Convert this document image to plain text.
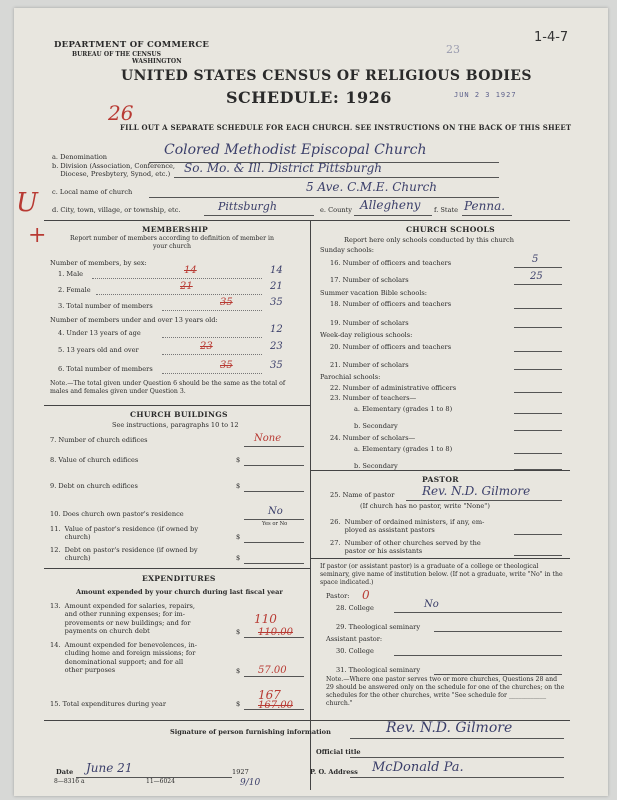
DEPARTMENT OF COMMERCE
BUREAU OF THE CENSUS
WASHINGTON
UNITED STATES CENSUS OF RELIGIOUS BODIES
SCHEDULE: 1926
FILL OUT A SEPARATE SCHEDULE FOR EACH CHURCH. SEE INSTRUCTIONS ON THE BACK OF THIS SHEET
1-4-7
26
JUN 2 3 1927
23
a. Denomination	Colored Methodist Episcopal Church
b. Division (Association, Conference,
Diocese, Presbytery, Synod, etc.)	So. Mo. & Ill. District Pittsburgh
c. Local name of church	5 Ave. C.M.E. Church
d. City, town, village, or township, etc.	Pittsburgh	e. County Allegheny f. State Penna.
U
+	MEMBERSHIP
Report number of members according to definition of member in your church
Number of members, by sex:
1. Male	14	14
2. Female	21	21
3. Total number of members	35	35
Number of members under and over 13 years old:
4. Under 13 years of age	12
5. 13 years old and over	23	23
6. Total number of members	35	35
Note.—The total given under Question 6 should be the same as the total of males and females given under Question 3.
CHURCH BUILDINGS
See instructions, paragraphs 10 to 12
7. Number of church edifices	None
8. Value of church edifices	$
9. Debt on church edifices	$
10. Does church own pastor's residence	No
Yes or No
11.  Value of pastor's residence (if owned by
church)	$
12.  Debt on pastor's residence (if owned by
church)	$
EXPENDITURES
Amount expended by your church during last fiscal year
13.  Amount expended for salaries, repairs,
and other running expenses; for im-
provements or new buildings; and for
payments on church debt	$
110
110.00
14.  Amount expended for benevolences, in-
cluding home and foreign missions; for
denominational support; and for all
other purposes	$ 57.00
15. Total expenditures during year	$
167
167.00
CHURCH SCHOOLS
Report here only schools conducted by this church
Sunday schools:
16. Number of officers and teachers	5
17. Number of scholars	25
Summer vacation Bible schools:
18. Number of officers and teachers
19. Number of scholars
Week-day religious schools:
20. Number of officers and teachers
21. Number of scholars
Parochial schools:
22. Number of administrative officers
23. Number of teachers—
a. Elementary (grades 1 to 8)
b. Secondary
24. Number of scholars—
a. Elementary (grades 1 to 8)
b. Secondary
PASTOR
25. Name of pastor Rev. N.D. Gilmore
(If church has no pastor, write "None")
26.  Number of ordained ministers, if any, em-
ployed as assistant pastors
27.  Number of other churches served by the
pastor or his assistants
If pastor (or assistant pastor) is a graduate of a college or theological seminary, give name of institution below. (If not a graduate, write "No" in the space indicated.)
Pastor: 0
28. College	No
29. Theological seminary
Assistant pastor:
30. College
31. Theological seminary
Note.—Where one pastor serves two or more churches, Questions 28 and 29 should be answered only on the schedule for one of the churches; on the schedules for the other churches, write "See schedule for ____________ church."
Signature of person furnishing information	Rev. N.D. Gilmore
Official title
Date June 21	1927
8—8316 a	11—6024	9/10
P. O. Address McDonald Pa.
